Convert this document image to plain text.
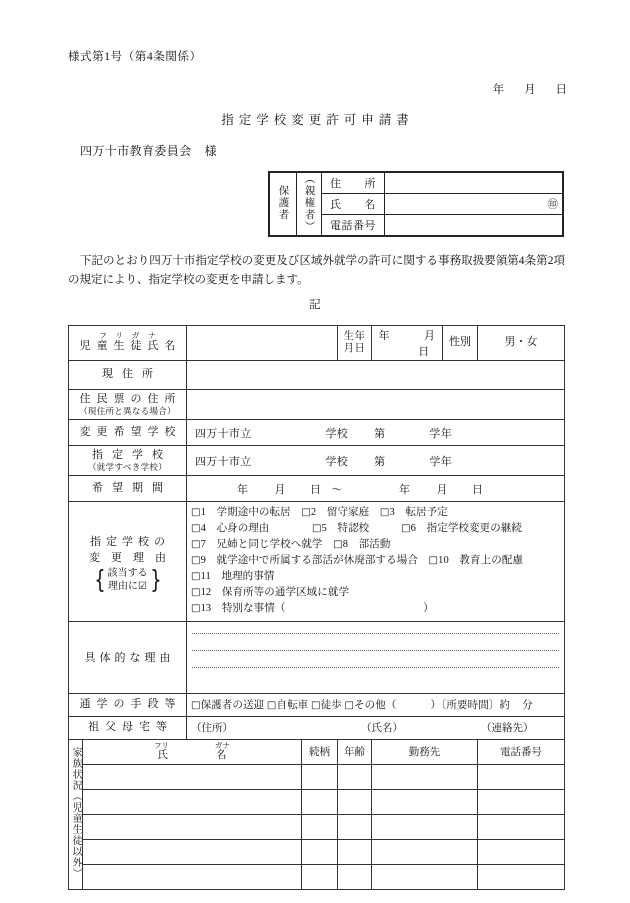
様式第1号（第4条関係）
年 月 日
指定学校変更許可申請書
四万十市教育委員会 様
保護者	（親権者）	住　　所	
		氏　　名	㊞

		電話番号	
下記のとおり四万十市指定学校の変更及び区域外就学の許可に関する事務取扱要領第4条第2項の規定により、指定学校の変更を申請します。
記
フリガナ
児童生徒氏名				生年月日	年 月日	性別	男・女
現住所							
住民票の住所
（現住所と異なる場合）							

変更希望学校		四万十市立 学校 第 学年					
指定学校
（就学すべき学校）		四万十市立 学校 第 学年					
希望期間		年 月 日 〜 年 月 日					

指定学校の
変更理由
{ 該当する
理由に☑ }
	□1　 学期途中の転居　 □2　 留守家庭　 □3　 転居予定
□4　 心身の理由　　　　	□5　 特認校　　　	□6　 指定学校変更の継続
□7　 兄姉と同じ学校へ就学　 □8　 部活動　□9　 就学途中で所属する部活が休廃部する場合　 □10　 教育上の配慮　□11　 地理的事情
□12　 保育所等の通学区域に就学
□13　 特別な事情（　　　　　　　　　　　　　）
具体的な理由							

通学の手段等		□保護者の送迎 □自転車 □徒歩 □その他（ ）〔所要時間〕約 分					
祖父母宅等		（住所） （氏名） （連絡先）					
家族状況（児童生徒以外）	フリ ガナ
氏 名		続柄	年齢	勤務先		電話番号
